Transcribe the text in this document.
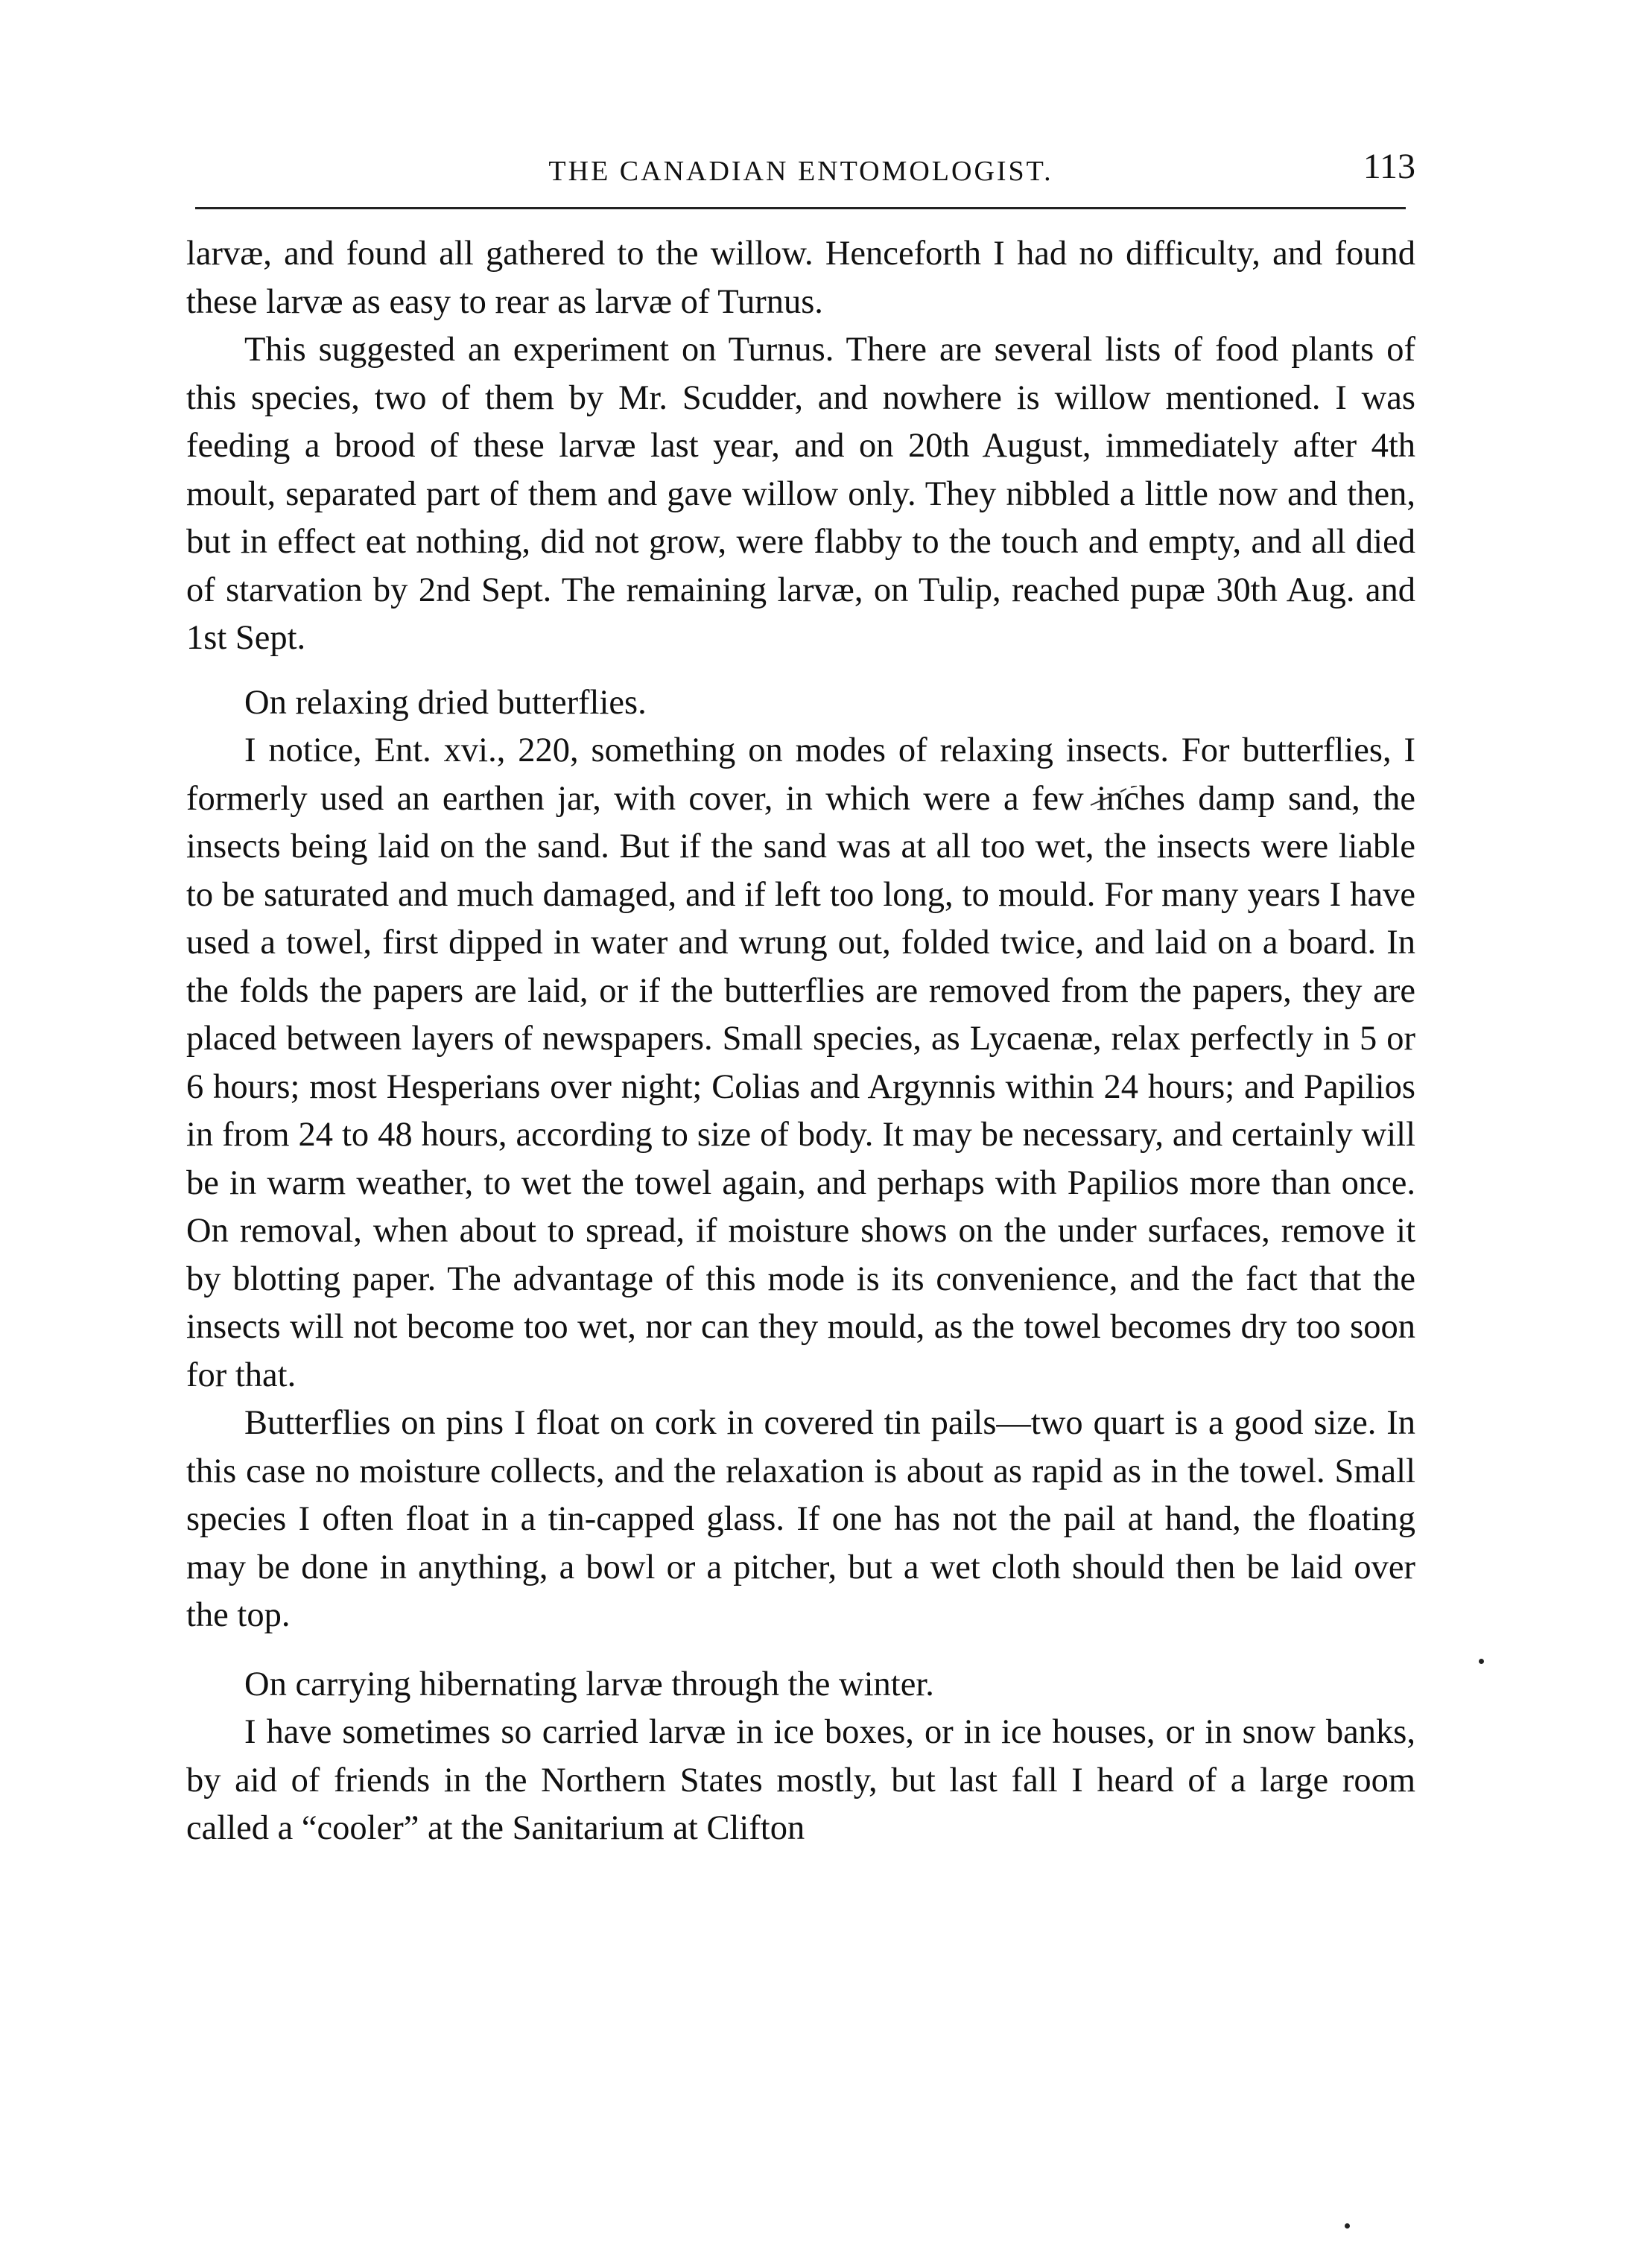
THE CANADIAN ENTOMOLOGIST.	113

larvæ, and found all gathered to the willow. Henceforth I had no difficulty, and found these larvæ as easy to rear as larvæ of Turnus.

This suggested an experiment on Turnus. There are several lists of food plants of this species, two of them by Mr. Scudder, and nowhere is willow mentioned. I was feeding a brood of these larvæ last year, and on 20th August, immediately after 4th moult, separated part of them and gave willow only. They nibbled a little now and then, but in effect eat nothing, did not grow, were flabby to the touch and empty, and all died of starvation by 2nd Sept. The remaining larvæ, on Tulip, reached pupæ 30th Aug. and 1st Sept.

On relaxing dried butterflies.

I notice, Ent. xvi., 220, something on modes of relaxing insects. For butterflies, I formerly used an earthen jar, with cover, in which were a few inches damp sand, the insects being laid on the sand. But if the sand was at all too wet, the insects were liable to be saturated and much damaged, and if left too long, to mould. For many years I have used a towel, first dipped in water and wrung out, folded twice, and laid on a board. In the folds the papers are laid, or if the butterflies are removed from the papers, they are placed between layers of newspapers. Small species, as Lycaenæ, relax perfectly in 5 or 6 hours; most Hesperians over night; Colias and Argynnis within 24 hours; and Papilios in from 24 to 48 hours, according to size of body. It may be necessary, and certainly will be in warm weather, to wet the towel again, and perhaps with Papilios more than once. On removal, when about to spread, if moisture shows on the under surfaces, remove it by blotting paper. The advantage of this mode is its convenience, and the fact that the insects will not become too wet, nor can they mould, as the towel becomes dry too soon for that.

Butterflies on pins I float on cork in covered tin pails—two quart is a good size. In this case no moisture collects, and the relaxation is about as rapid as in the towel. Small species I often float in a tin-capped glass. If one has not the pail at hand, the floating may be done in anything, a bowl or a pitcher, but a wet cloth should then be laid over the top.

On carrying hibernating larvæ through the winter.

I have sometimes so carried larvæ in ice boxes, or in ice houses, or in snow banks, by aid of friends in the Northern States mostly, but last fall I heard of a large room called a “cooler” at the Sanitarium at Clifton
